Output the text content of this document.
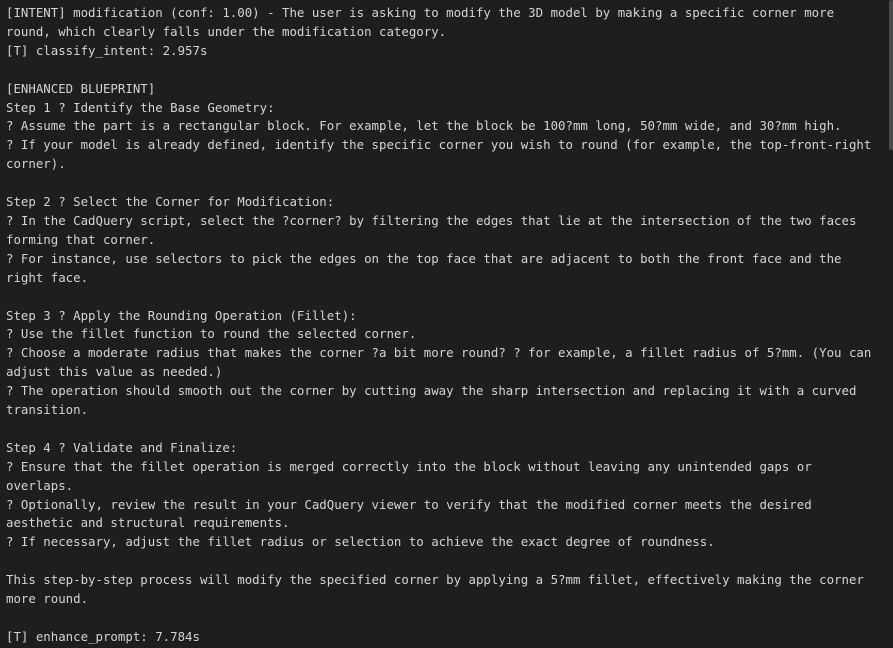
[INTENT] modification (conf: 1.00) - The user is asking to modify the 3D model by making a specific corner more round, which clearly falls under the modification category.
[T] classify_intent: 2.957s

[ENHANCED BLUEPRINT]
Step 1 ? Identify the Base Geometry:
? Assume the part is a rectangular block. For example, let the block be 100?mm long, 50?mm wide, and 30?mm high.
? If your model is already defined, identify the specific corner you wish to round (for example, the top-front-right corner).

Step 2 ? Select the Corner for Modification:
? In the CadQuery script, select the ?corner? by filtering the edges that lie at the intersection of the two faces forming that corner.
? For instance, use selectors to pick the edges on the top face that are adjacent to both the front face and the right face.

Step 3 ? Apply the Rounding Operation (Fillet):
? Use the fillet function to round the selected corner.
? Choose a moderate radius that makes the corner ?a bit more round? ? for example, a fillet radius of 5?mm. (You can adjust this value as needed.)
? The operation should smooth out the corner by cutting away the sharp intersection and replacing it with a curved transition.

Step 4 ? Validate and Finalize:
? Ensure that the fillet operation is merged correctly into the block without leaving any unintended gaps or overlaps.
? Optionally, review the result in your CadQuery viewer to verify that the modified corner meets the desired aesthetic and structural requirements.
? If necessary, adjust the fillet radius or selection to achieve the exact degree of roundness.

This step-by-step process will modify the specified corner by applying a 5?mm fillet, effectively making the corner more round.

[T] enhance_prompt: 7.784s
